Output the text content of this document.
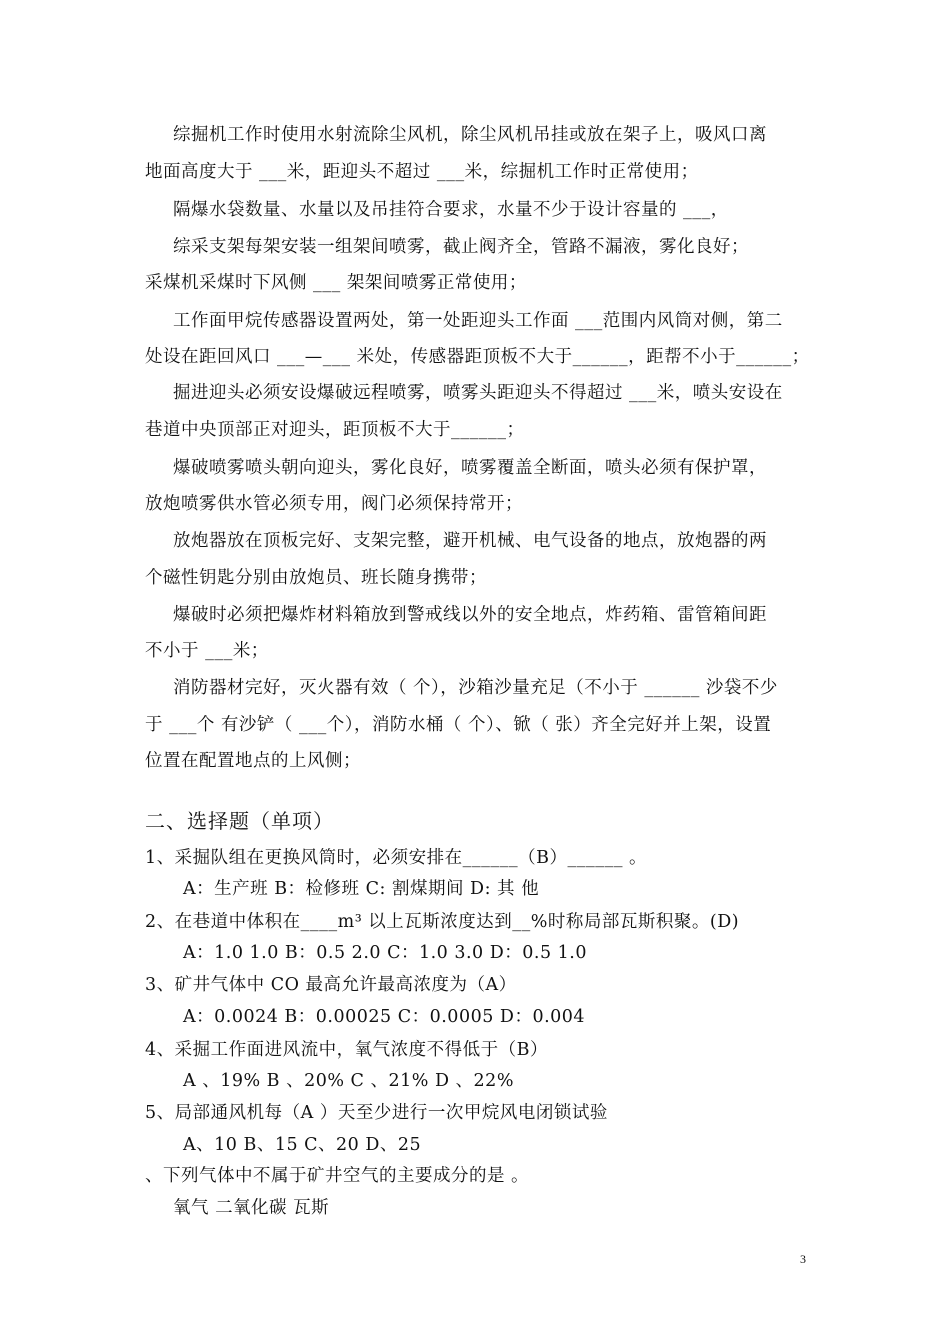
综掘机工作时使用水射流除尘风机，除尘风机吊挂或放在架子上，吸风口离
地面高度大于 ___米，距迎头不超过 ___米，综掘机工作时正常使用；
隔爆水袋数量、水量以及吊挂符合要求，水量不少于设计容量的 ___，
综采支架每架安装一组架间喷雾，截止阀齐全，管路不漏液，雾化良好；
采煤机采煤时下风侧 ___ 架架间喷雾正常使用；
工作面甲烷传感器设置两处，第一处距迎头工作面 ___范围内风筒对侧，第二
处设在距回风口 ___—___ 米处，传感器距顶板不大于______，距帮不小于______；
掘进迎头必须安设爆破远程喷雾，喷雾头距迎头不得超过 ___米，喷头安设在
巷道中央顶部正对迎头，距顶板不大于______；
爆破喷雾喷头朝向迎头，雾化良好，喷雾覆盖全断面，喷头必须有保护罩，
放炮喷雾供水管必须专用，阀门必须保持常开；
放炮器放在顶板完好、支架完整，避开机械、电气设备的地点，放炮器的两
个磁性钥匙分别由放炮员、班长随身携带；
爆破时必须把爆炸材料箱放到警戒线以外的安全地点，炸药箱、雷管箱间距
不小于 ___米；
消防器材完好，灭火器有效（ 个），沙箱沙量充足（不小于 ______ 沙袋不少
于 ___个 有沙铲（ ___个），消防水桶（ 个）、锨（ 张）齐全完好并上架，设置
位置在配置地点的上风侧；
二、选择题（单项）
1、采掘队组在更换风筒时，必须安排在______（B）______ 。
A：生产班 B：检修班 C: 割煤期间 D: 其 他
2、在巷道中体积在____m³ 以上瓦斯浓度达到__%时称局部瓦斯积聚。(D)
A：1.0 1.0 B：0.5 2.0 C：1.0 3.0 D：0.5 1.0
3、矿井气体中 CO 最高允许最高浓度为（A）
A：0.0024 B：0.00025 C：0.0005 D：0.004
4、采掘工作面进风流中，氧气浓度不得低于（B）
A 、19% B 、20% C 、21% D 、22%
5、局部通风机每（A ）天至少进行一次甲烷风电闭锁试验
A、10 B、15 C、20 D、25
、下列气体中不属于矿井空气的主要成分的是 。
氧气 二氧化碳 瓦斯
3
